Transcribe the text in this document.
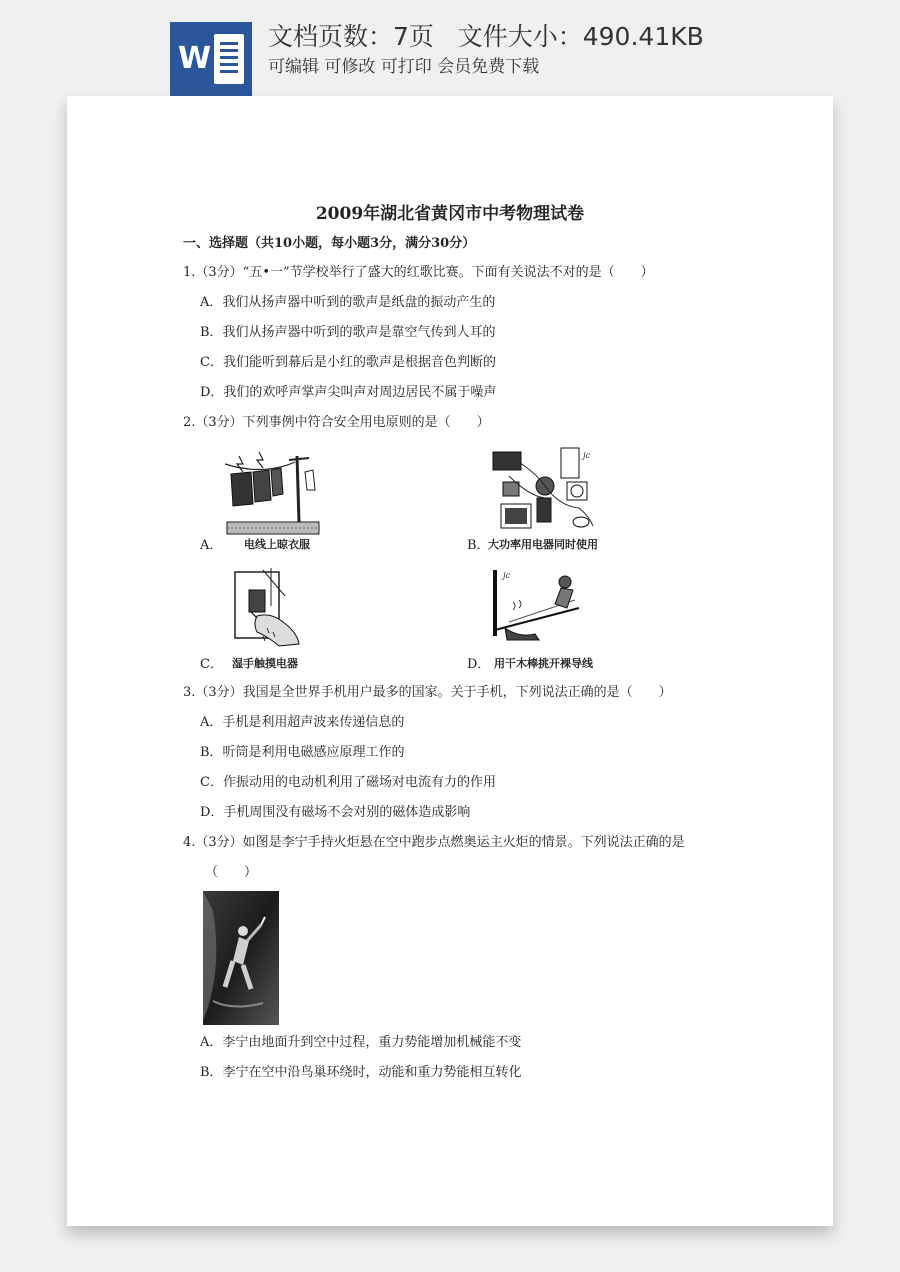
W
文档页数：7页   文件大小：490.41KB
可编辑 可修改 可打印 会员免费下载
2009年湖北省黄冈市中考物理试卷
一、选择题（共10小题，每小题3分，满分30分）
1.（3分）“五•一”节学校举行了盛大的红歌比赛。下面有关说法不对的是（　　）
A．我们从扬声器中听到的歌声是纸盘的振动产生的
B．我们从扬声器中听到的歌声是靠空气传到人耳的
C．我们能听到幕后是小红的歌声是根据音色判断的
D．我们的欢呼声掌声尖叫声对周边居民不属于噪声
2.（3分）下列事例中符合安全用电原则的是（　　）
A． 电线上晾衣服
jc
B．
大功率用电器同时使用
C． 湿手触摸电器
jc
D． 用干木棒挑开裸导线
3.（3分）我国是全世界手机用户最多的国家。关于手机，下列说法正确的是（　　）
A．手机是利用超声波来传递信息的
B．听筒是利用电磁感应原理工作的
C．作振动用的电动机利用了磁场对电流有力的作用
D．手机周围没有磁场不会对别的磁体造成影响
4.（3分）如图是李宁手持火炬悬在空中跑步点燃奥运主火炬的情景。下列说法正确的是
（　　）
A．李宁由地面升到空中过程，重力势能增加机械能不变
B．李宁在空中沿鸟巢环绕时，动能和重力势能相互转化
